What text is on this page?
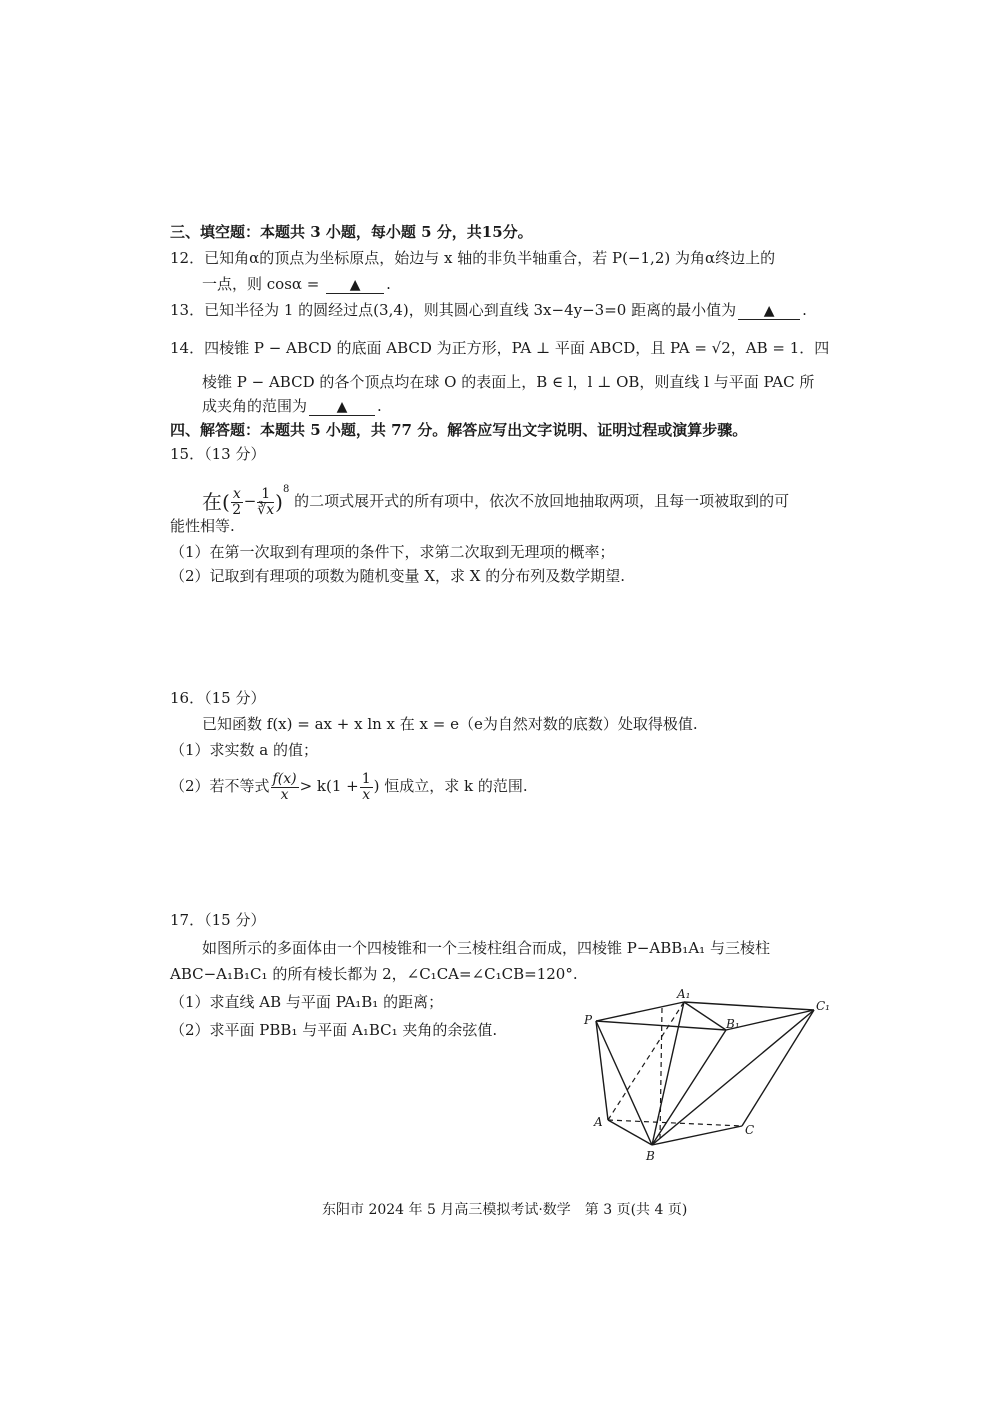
三、填空题：本题共 3 小题，每小题 5 分，共15分。
12．已知角α的顶点为坐标原点，始边与 x 轴的非负半轴重合，若 P(−1,2) 为角α终边上的
一点，则 cosα = ▲ .
13．已知半径为 1 的圆经过点(3,4)，则其圆心到直线 3x−4y−3=0 距离的最小值为 ▲ .
14．四棱锥 P − ABCD 的底面 ABCD 为正方形，PA ⊥ 平面 ABCD，且 PA = √2，AB = 1．四
棱锥 P − ABCD 的各个顶点均在球 O 的表面上，B ∈ l，l ⊥ OB，则直线 l 与平面 PAC 所
成夹角的范围为 ▲ .
四、解答题：本题共 5 小题，共 77 分。解答应写出文字说明、证明过程或演算步骤。
15．（13 分）
在( $\frac{x}{2} - \frac{1}{∛x} )^8$ 的二项式展开式的所有项中，依次不放回地抽取两项，且每一项被取到的可
能性相等.
（1）在第一次取到有理项的条件下，求第二次取到无理项的概率；
（2）记取到有理项的项数为随机变量 X，求 X 的分布列及数学期望.
16．（15 分）
已知函数 f(x) = ax + x ln x 在 x = e（e为自然对数的底数）处取得极值.
（1）求实数 a 的值；
（2）若不等式 $\frac{f(x)}{x} > k(1 + \frac{1}{x}$ ) 恒成立，求 k 的范围.
17．（15 分）
如图所示的多面体由一个四棱锥和一个三棱柱组合而成，四棱锥 P−ABB₁A₁ 与三棱柱
ABC−A₁B₁C₁ 的所有棱长都为 2，∠C₁CA=∠C₁CB=120°.
（1）求直线 AB 与平面 PA₁B₁ 的距离；
（2）求平面 PBB₁ 与平面 A₁BC₁ 夹角的余弦值.
P
A₁
B₁
C₁
A
B
C
东阳市 2024 年 5 月高三模拟考试·数学　第 3 页(共 4 页)
